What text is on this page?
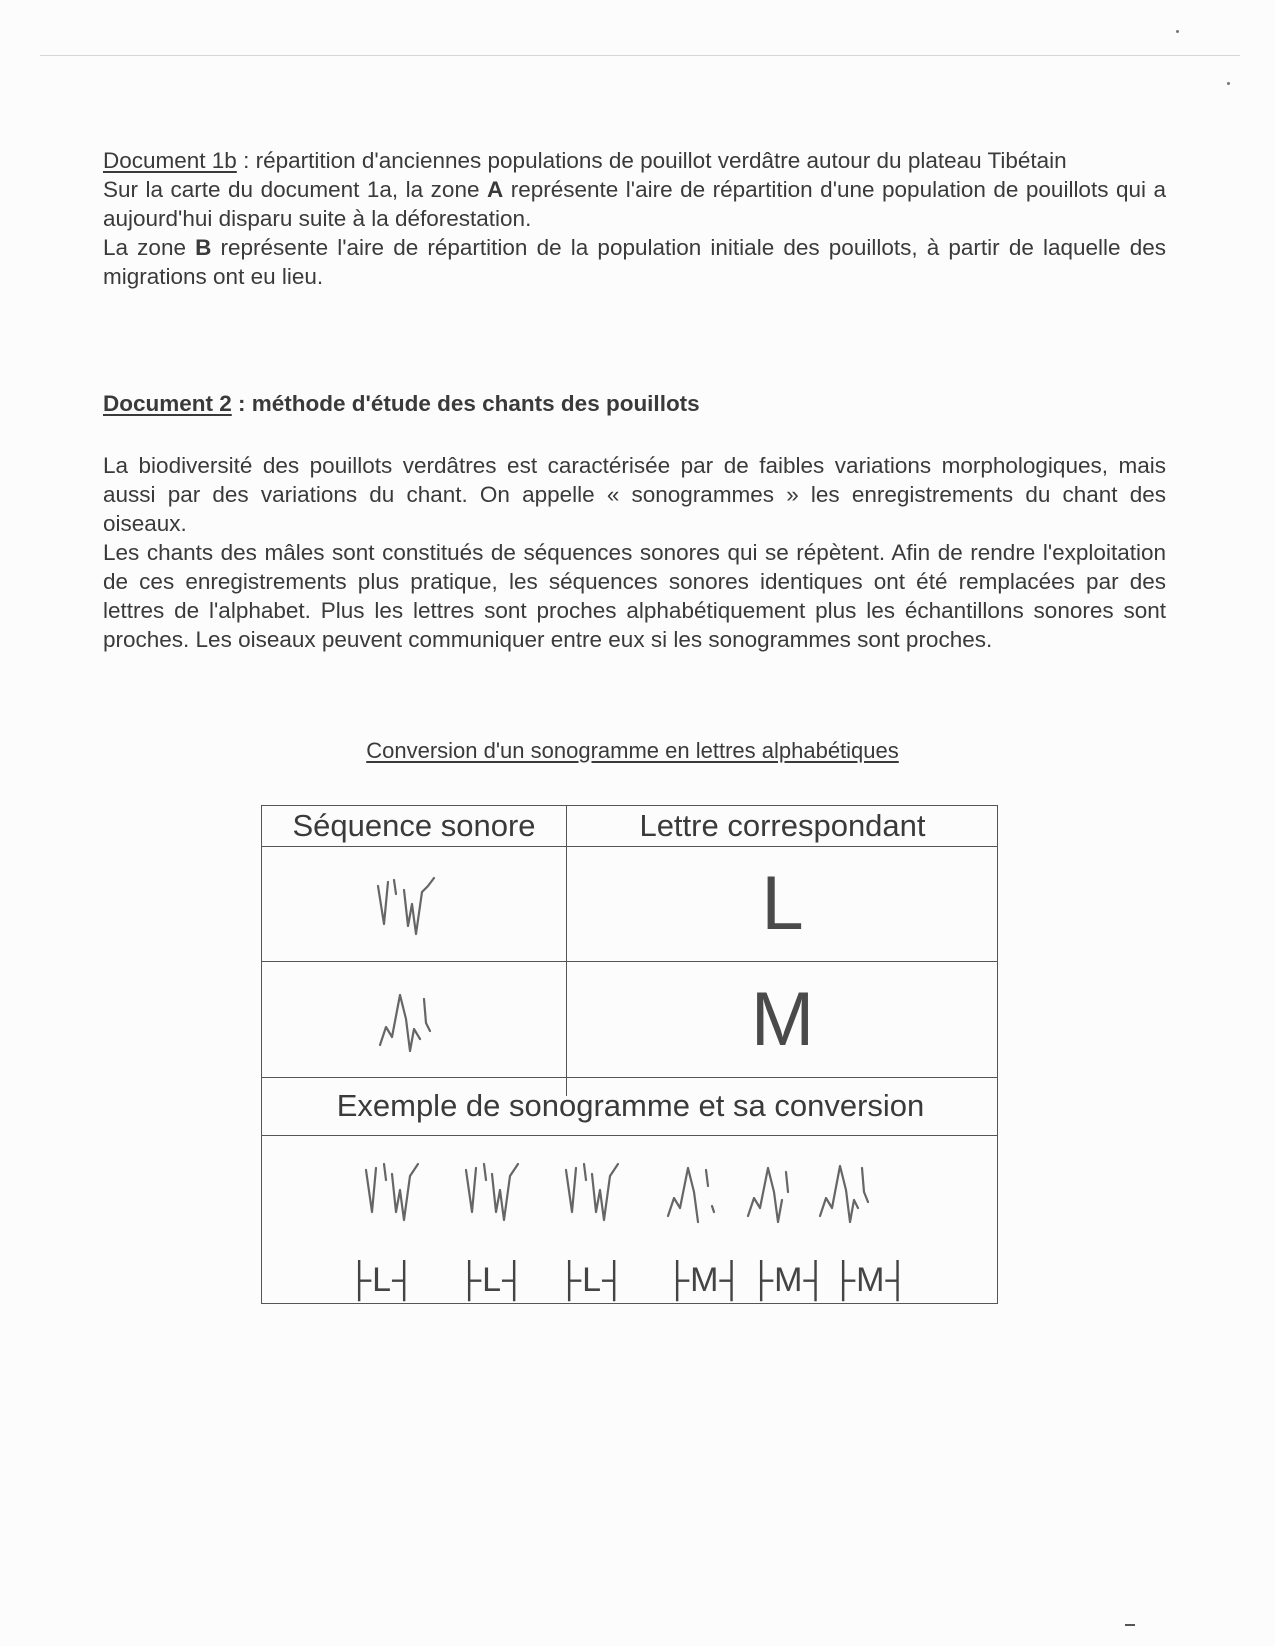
Document 1b : répartition d'anciennes populations de pouillot verdâtre autour du plateau Tibétain

Sur la carte du document 1a, la zone A représente l'aire de répartition d'une population de pouillots qui a aujourd'hui disparu suite à la déforestation.

La zone B représente l'aire de répartition de la population initiale des pouillots, à partir de laquelle des migrations ont eu lieu.

Document 2 : méthode d'étude des chants des pouillots

La biodiversité des pouillots verdâtres est caractérisée par de faibles variations morphologiques, mais aussi par des variations du chant. On appelle « sonogrammes » les enregistrements du chant des oiseaux.

Les chants des mâles sont constitués de séquences sonores qui se répètent. Afin de rendre l'exploitation de ces enregistrements plus pratique, les séquences sonores identiques ont été remplacées par des lettres de l'alphabet. Plus les lettres sont proches alphabétiquement plus les échantillons sonores sont proches. Les oiseaux peuvent communiquer entre eux si les sonogrammes sont proches.

Conversion d'un sonogramme en lettres alphabétiques
Séquence sonore	Lettre correspondant
L
M
Exemple de sonogramme et sa conversion
├L┤ ├L┤ ├L┤ ├M┤ ├M┤ ├M┤
